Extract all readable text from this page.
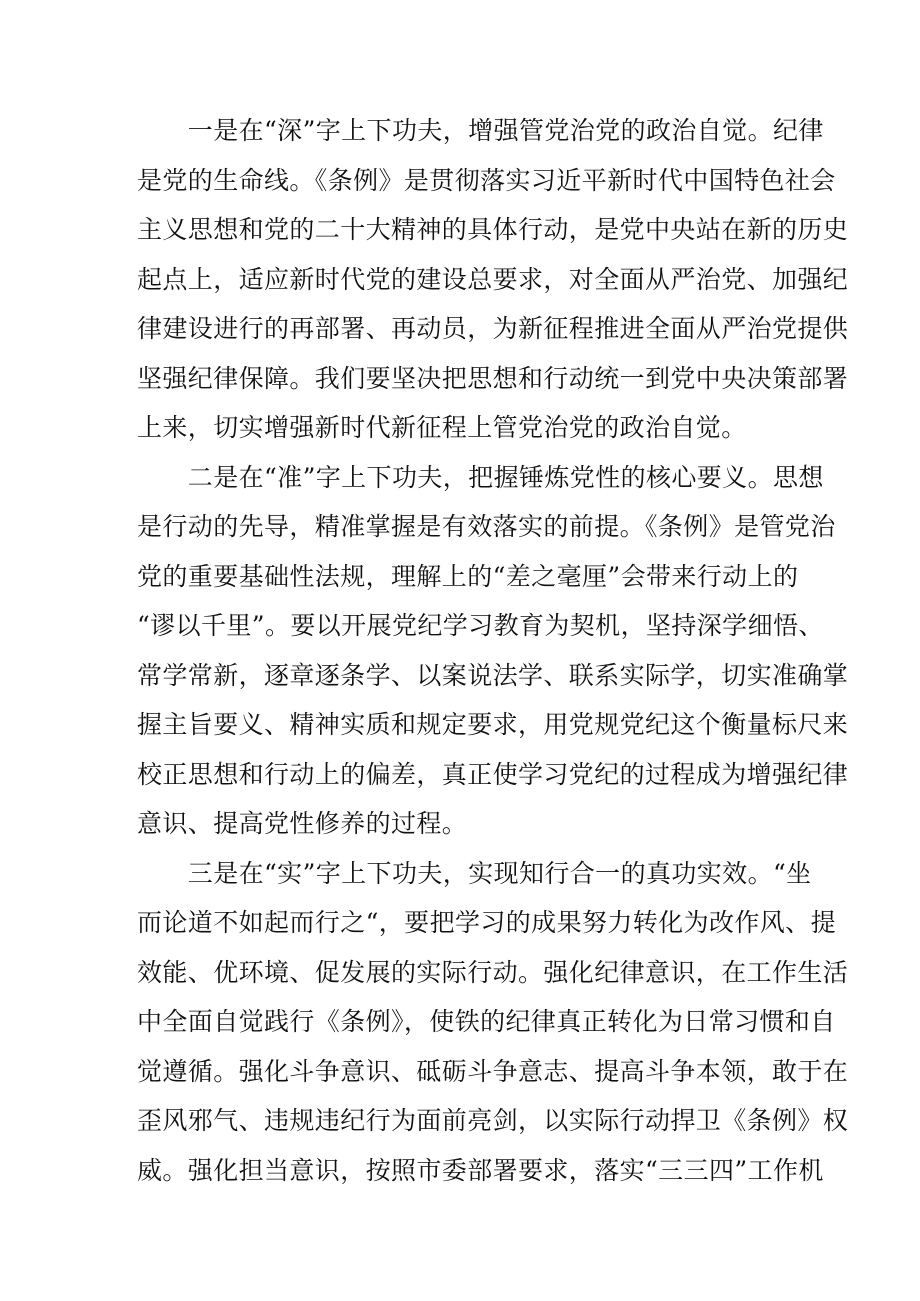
　　一是在“深”字上下功夫，增强管党治党的政治自觉。纪律
是党的生命线。《条例》是贯彻落实习近平新时代中国特色社会
主义思想和党的二十大精神的具体行动，是党中央站在新的历史
起点上，适应新时代党的建设总要求，对全面从严治党、加强纪
律建设进行的再部署、再动员，为新征程推进全面从严治党提供
坚强纪律保障。我们要坚决把思想和行动统一到党中央决策部署
上来，切实增强新时代新征程上管党治党的政治自觉。
　　二是在“准”字上下功夫，把握锤炼党性的核心要义。思想
是行动的先导，精准掌握是有效落实的前提。《条例》是管党治
党的重要基础性法规，理解上的“差之毫厘”会带来行动上的
“谬以千里”。要以开展党纪学习教育为契机，坚持深学细悟、
常学常新，逐章逐条学、以案说法学、联系实际学，切实准确掌
握主旨要义、精神实质和规定要求，用党规党纪这个衡量标尺来
校正思想和行动上的偏差，真正使学习党纪的过程成为增强纪律
意识、提高党性修养的过程。
　　三是在“实”字上下功夫，实现知行合一的真功实效。“坐
而论道不如起而行之“，要把学习的成果努力转化为改作风、提
效能、优环境、促发展的实际行动。强化纪律意识，在工作生活
中全面自觉践行《条例》，使铁的纪律真正转化为日常习惯和自
觉遵循。强化斗争意识、砥砺斗争意志、提高斗争本领，敢于在
歪风邪气、违规违纪行为面前亮剑，以实际行动捍卫《条例》权
威。强化担当意识，按照市委部署要求，落实“三三四”工作机
